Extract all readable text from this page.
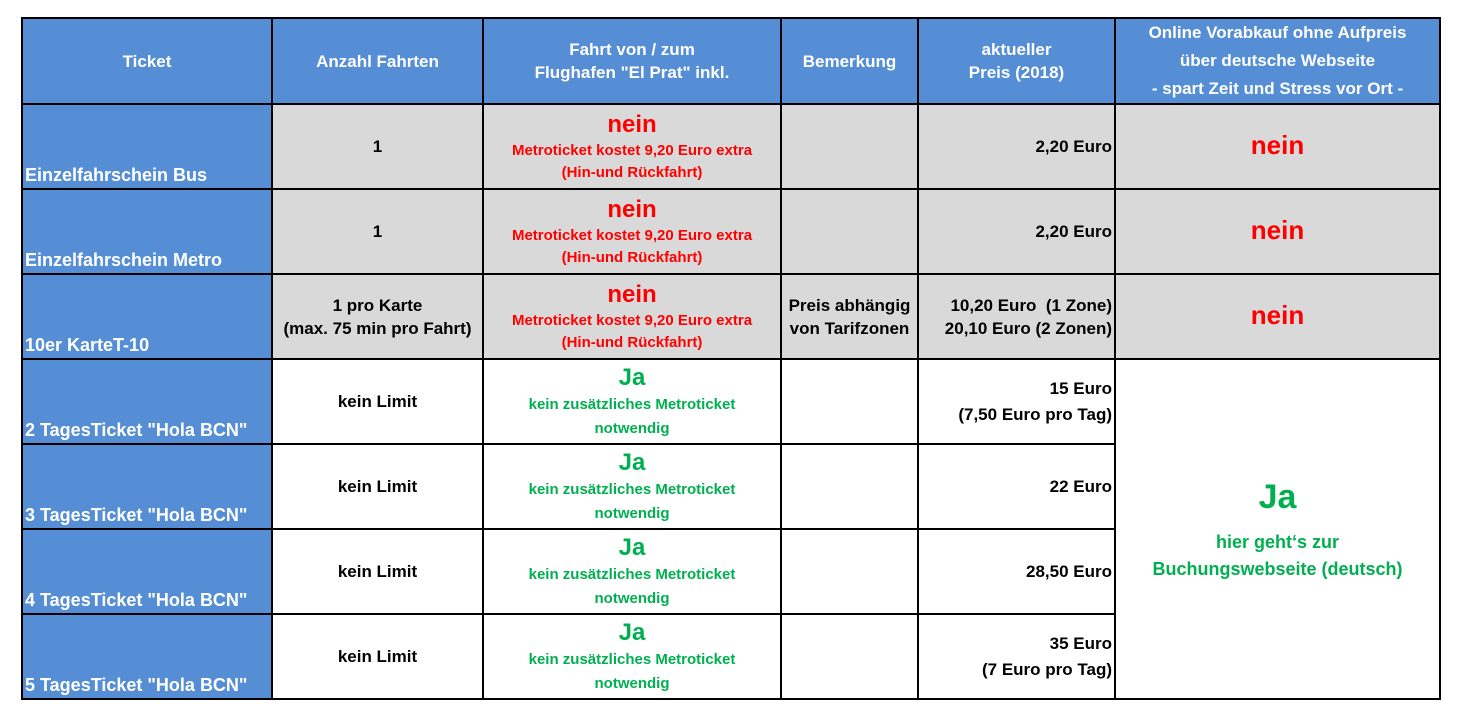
Ticket	Anzahl Fahrten	Fahrt von / zum
Flughafen "El Prat" inkl.	Bemerkung	aktueller
Preis (2018)	Online Vorabkauf ohne Aufpreis
über deutsche Webseite
- spart Zeit und Stress vor Ort -

Einzelfahrschein Bus	1	nein
Metroticket kostet 9,20 Euro extra
(Hin-und Rückfahrt)		2,20 Euro	nein
Einzelfahrschein Metro	1	nein
Metroticket kostet 9,20 Euro extra
(Hin-und Rückfahrt)		2,20 Euro	nein
10er KarteT-10	1 pro Karte
(max. 75 min pro Fahrt)	nein
Metroticket kostet 9,20 Euro extra
(Hin-und Rückfahrt)	Preis abhängig
von Tarifzonen	10,20 Euro  (1 Zone)
20,10 Euro (2 Zonen)	nein
2 TagesTicket "Hola BCN"	kein Limit	Ja
kein zusätzliches Metroticket
notwendig		15 Euro
(7,50 Euro pro Tag)	Ja
hier geht‘s zur
Buchungswebseite (deutsch)

3 TagesTicket "Hola BCN"	kein Limit	Ja
kein zusätzliches Metroticket
notwendig		22 Euro	

4 TagesTicket "Hola BCN"	kein Limit	Ja
kein zusätzliches Metroticket
notwendig		28,50 Euro	

5 TagesTicket "Hola BCN"	kein Limit	Ja
kein zusätzliches Metroticket
notwendig		35 Euro
(7 Euro pro Tag)	
